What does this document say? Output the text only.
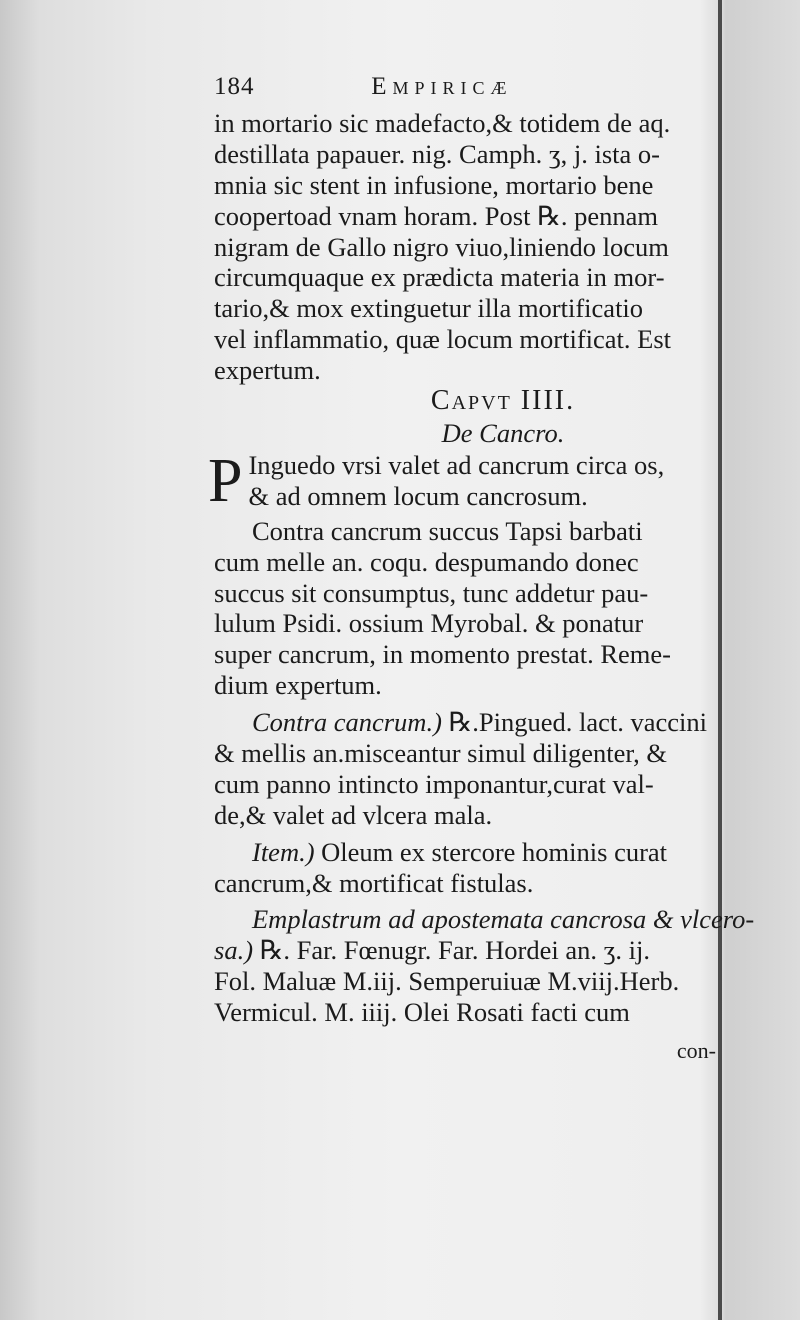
184	Empiricæ
in mortario sic madefacto,& totidem de aq.
destillata papauer. nig. Camph. ʒ, j. ista o-
mnia sic stent in infusione, mortario bene
coopertoad vnam horam. Post ℞. pennam
nigram de Gallo nigro viuo,liniendo locum
circumquaque ex prædicta materia in mor-
tario,& mox extinguetur illa mortificatio
vel inflammatio, quæ locum mortificat. Est
expertum.
Capvt IIII.
De Cancro.
P Inguedo vrsi valet ad cancrum circa os,
& ad omnem locum cancrosum.
Contra cancrum succus Tapsi barbati
cum melle an. coqu. despumando donec
succus sit consumptus, tunc addetur pau-
lulum Psidi. ossium Myrobal. & ponatur
super cancrum, in momento prestat. Reme-
dium expertum.
Contra cancrum.) ℞.Pingued. lact. vaccini
& mellis an.misceantur simul diligenter, &
cum panno intincto imponantur,curat val-
de,& valet ad vlcera mala.
Item.) Oleum ex stercore hominis curat
cancrum,& mortificat fistulas.
Emplastrum ad apostemata cancrosa & vlcero-
sa.) ℞. Far. Fœnugr. Far. Hordei an. ʒ. ij.
Fol. Maluæ M.iij. Semperuiuæ M.viij.Herb.
Vermicul. M. iiij. Olei Rosati facti cum
con-
